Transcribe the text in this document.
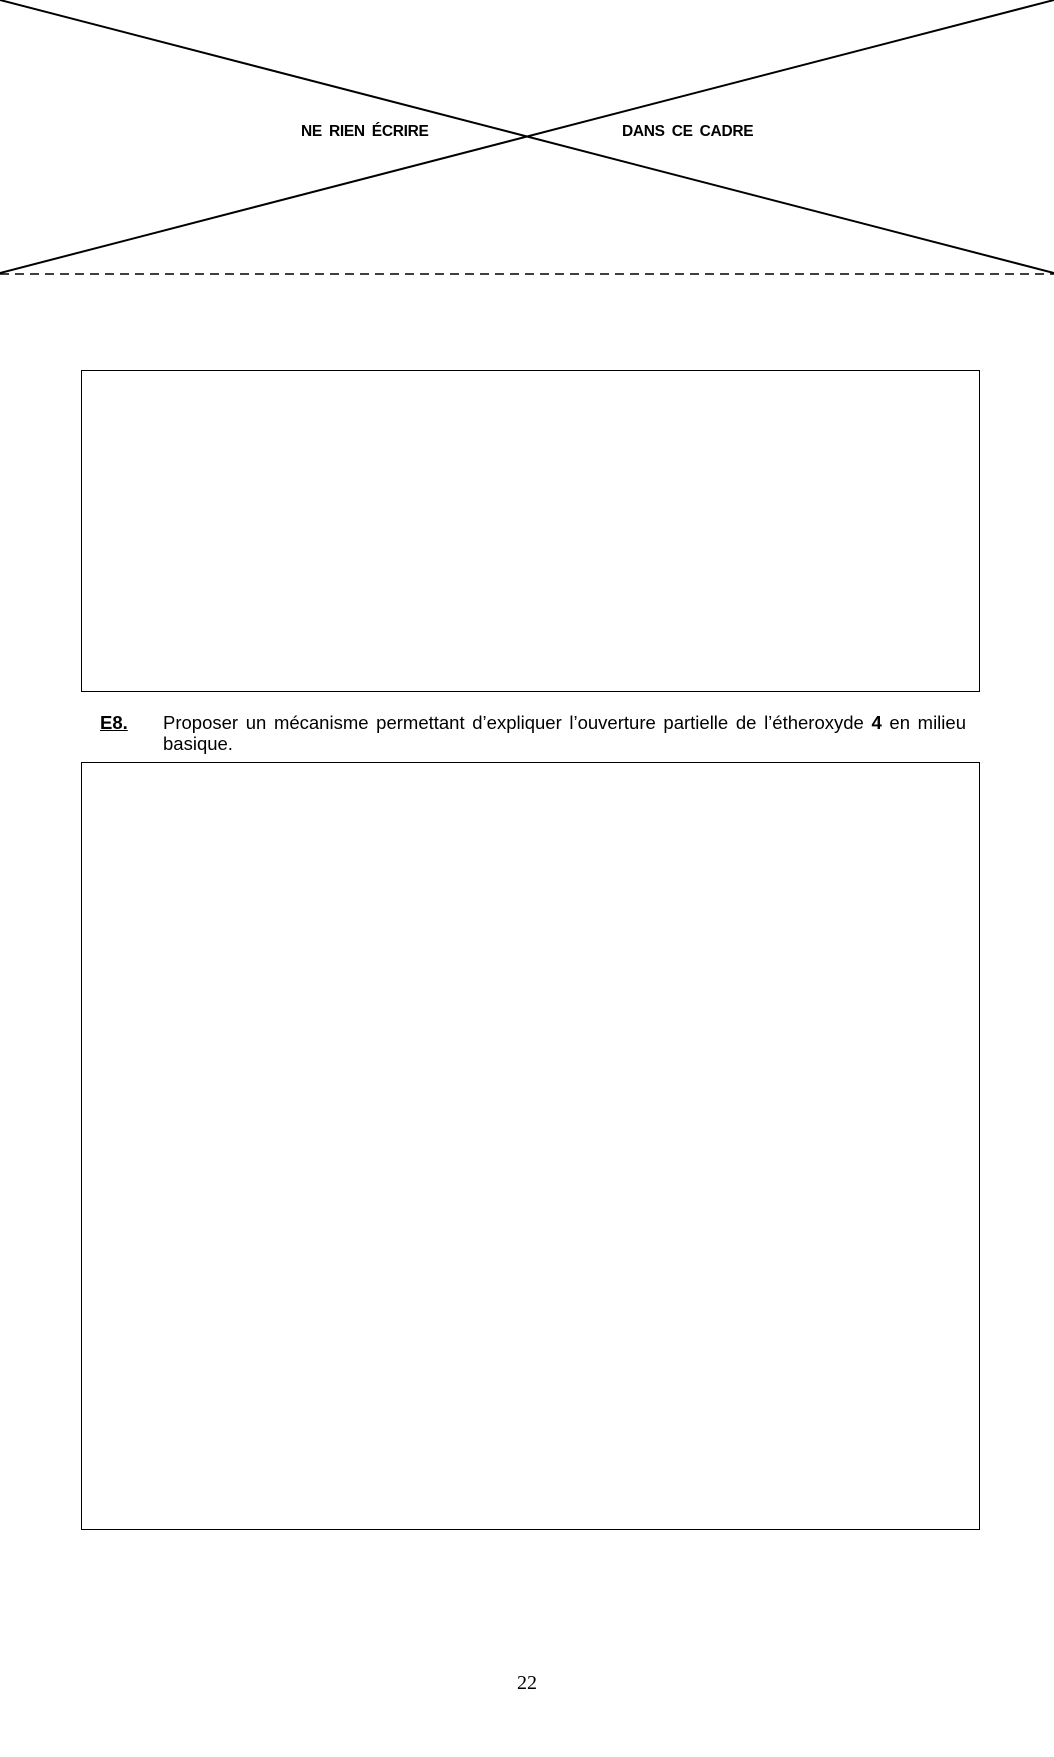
NE RIEN ÉCRIRE	DANS CE CADRE
E8. Proposer un mécanisme permettant d’expliquer l’ouverture partielle de l’étheroxyde 4 en milieu basique.
22
